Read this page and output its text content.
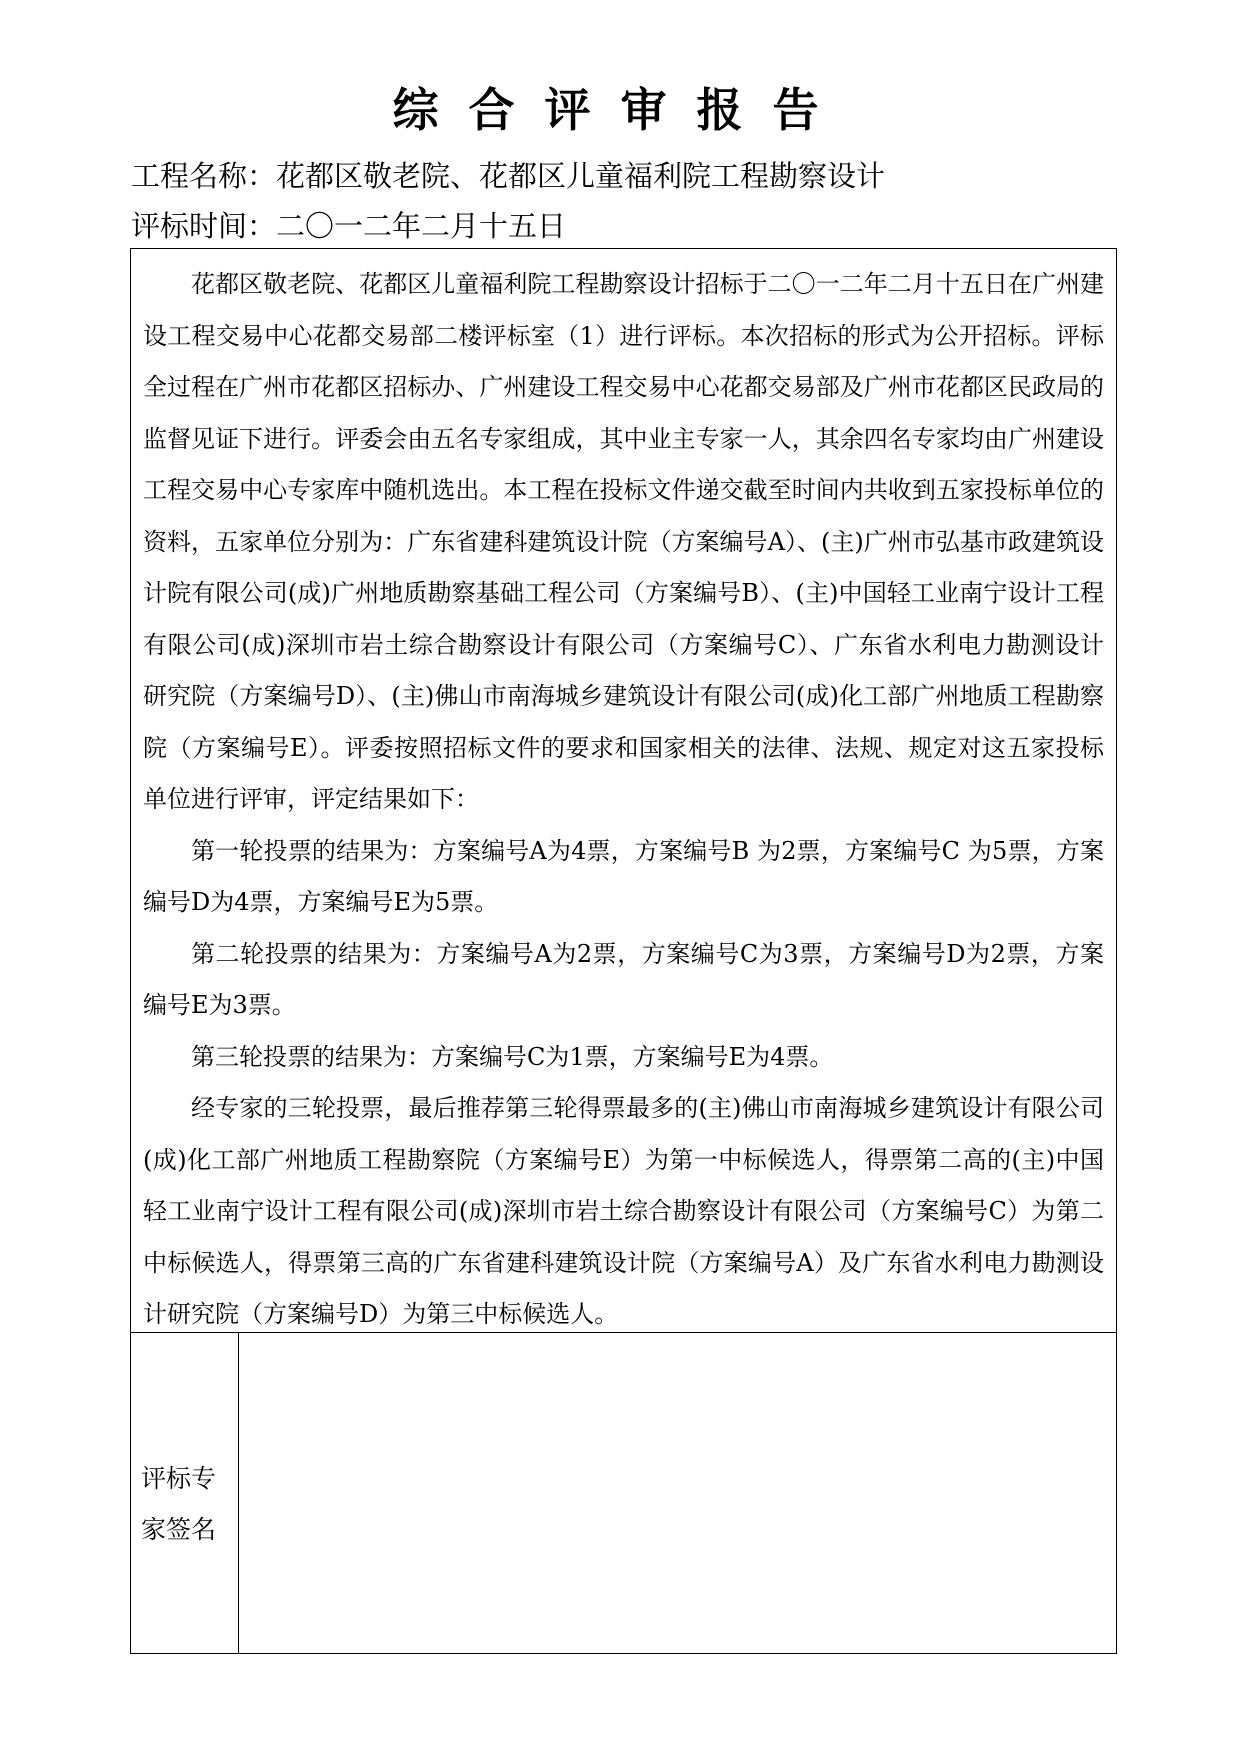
综合评审报告
工程名称：花都区敬老院、花都区儿童福利院工程勘察设计
评标时间：二〇一二年二月十五日

花都区敬老院、花都区儿童福利院工程勘察设计招标于二〇一二年二月十五日在广州建设工程交易中心花都交易部二楼评标室（1）进行评标。本次招标的形式为公开招标。评标全过程在广州市花都区招标办、广州建设工程交易中心花都交易部及广州市花都区民政局的监督见证下进行。评委会由五名专家组成，其中业主专家一人，其余四名专家均由广州建设工程交易中心专家库中随机选出。本工程在投标文件递交截至时间内共收到五家投标单位的资料，五家单位分别为：广东省建科建筑设计院（方案编号A）、(主)广州市弘基市政建筑设计院有限公司(成)广州地质勘察基础工程公司（方案编号B）、(主)中国轻工业南宁设计工程有限公司(成)深圳市岩土综合勘察设计有限公司（方案编号C）、广东省水利电力勘测设计研究院（方案编号D）、(主)佛山市南海城乡建筑设计有限公司(成)化工部广州地质工程勘察院（方案编号E）。评委按照招标文件的要求和国家相关的法律、法规、规定对这五家投标单位进行评审，评定结果如下：

第一轮投票的结果为：方案编号A为4票，方案编号B 为2票，方案编号C 为5票，方案编号D为4票，方案编号E为5票。

第二轮投票的结果为：方案编号A为2票，方案编号C为3票，方案编号D为2票，方案编号E为3票。

第三轮投票的结果为：方案编号C为1票，方案编号E为4票。

经专家的三轮投票，最后推荐第三轮得票最多的(主)佛山市南海城乡建筑设计有限公司(成)化工部广州地质工程勘察院（方案编号E）为第一中标候选人，得票第二高的(主)中国轻工业南宁设计工程有限公司(成)深圳市岩土综合勘察设计有限公司（方案编号C）为第二中标候选人，得票第三高的广东省建科建筑设计院（方案编号A）及广东省水利电力勘测设计研究院（方案编号D）为第三中标候选人。

评标专家签名
